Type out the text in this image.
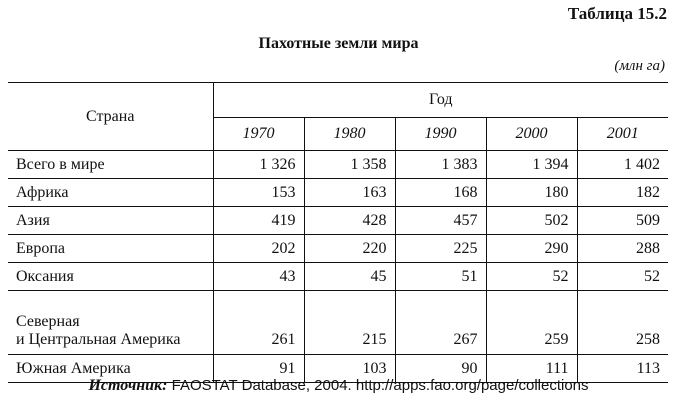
Таблица 15.2
Пахотные земли мира
(млн га)
Страна	Год				
	1970	1980	1990	2000	2001
Всего в мире	1 326	1 358	1 383	1 394	1 402
Африка	153	163	168	180	182
Азия	419	428	457	502	509
Европа	202	220	225	290	288
Оксания	43	45	51	52	52

Северная
и Центральная Америка	261	215	267	259	258
Южная Америка	91	103	90	111	113
Источник: FAOSTAT Database, 2004. http://apps.fao.org/page/collections
